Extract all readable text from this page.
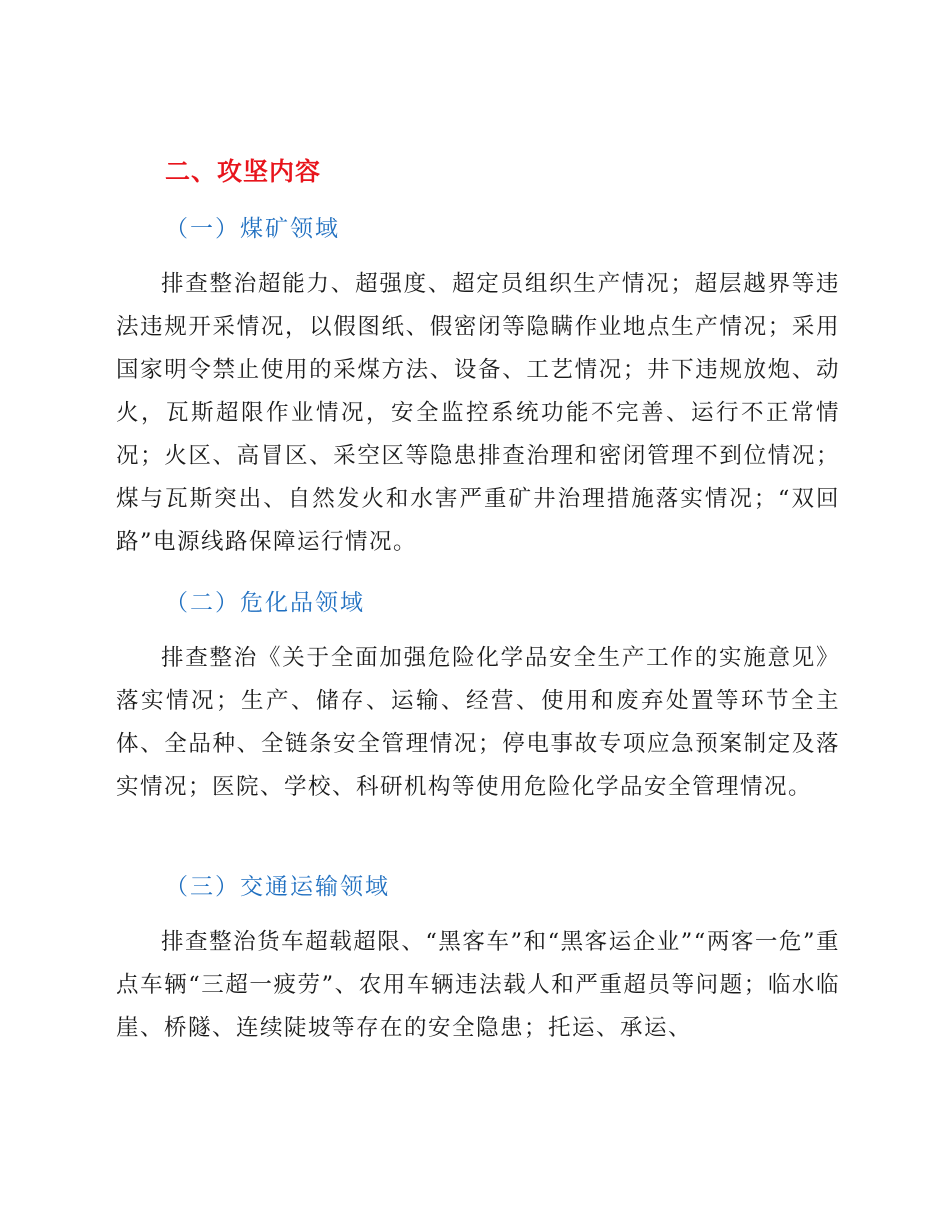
二、攻坚内容
（一）煤矿领域
排查整治超能力、超强度、超定员组织生产情况；超层越界等违法违规开采情况，以假图纸、假密闭等隐瞒作业地点生产情况；采用国家明令禁止使用的采煤方法、设备、工艺情况；井下违规放炮、动火，瓦斯超限作业情况，安全监控系统功能不完善、运行不正常情况；火区、高冒区、采空区等隐患排查治理和密闭管理不到位情况；煤与瓦斯突出、自然发火和水害严重矿井治理措施落实情况；“双回路”电源线路保障运行情况。
（二）危化品领域
排查整治《关于全面加强危险化学品安全生产工作的实施意见》落实情况；生产、储存、运输、经营、使用和废弃处置等环节全主体、全品种、全链条安全管理情况；停电事故专项应急预案制定及落实情况；医院、学校、科研机构等使用危险化学品安全管理情况。
（三）交通运输领域
排查整治货车超载超限、“黑客车”和“黑客运企业”“两客一危”重点车辆“三超一疲劳”、农用车辆违法载人和严重超员等问题；临水临崖、桥隧、连续陡坡等存在的安全隐患；托运、承运、
